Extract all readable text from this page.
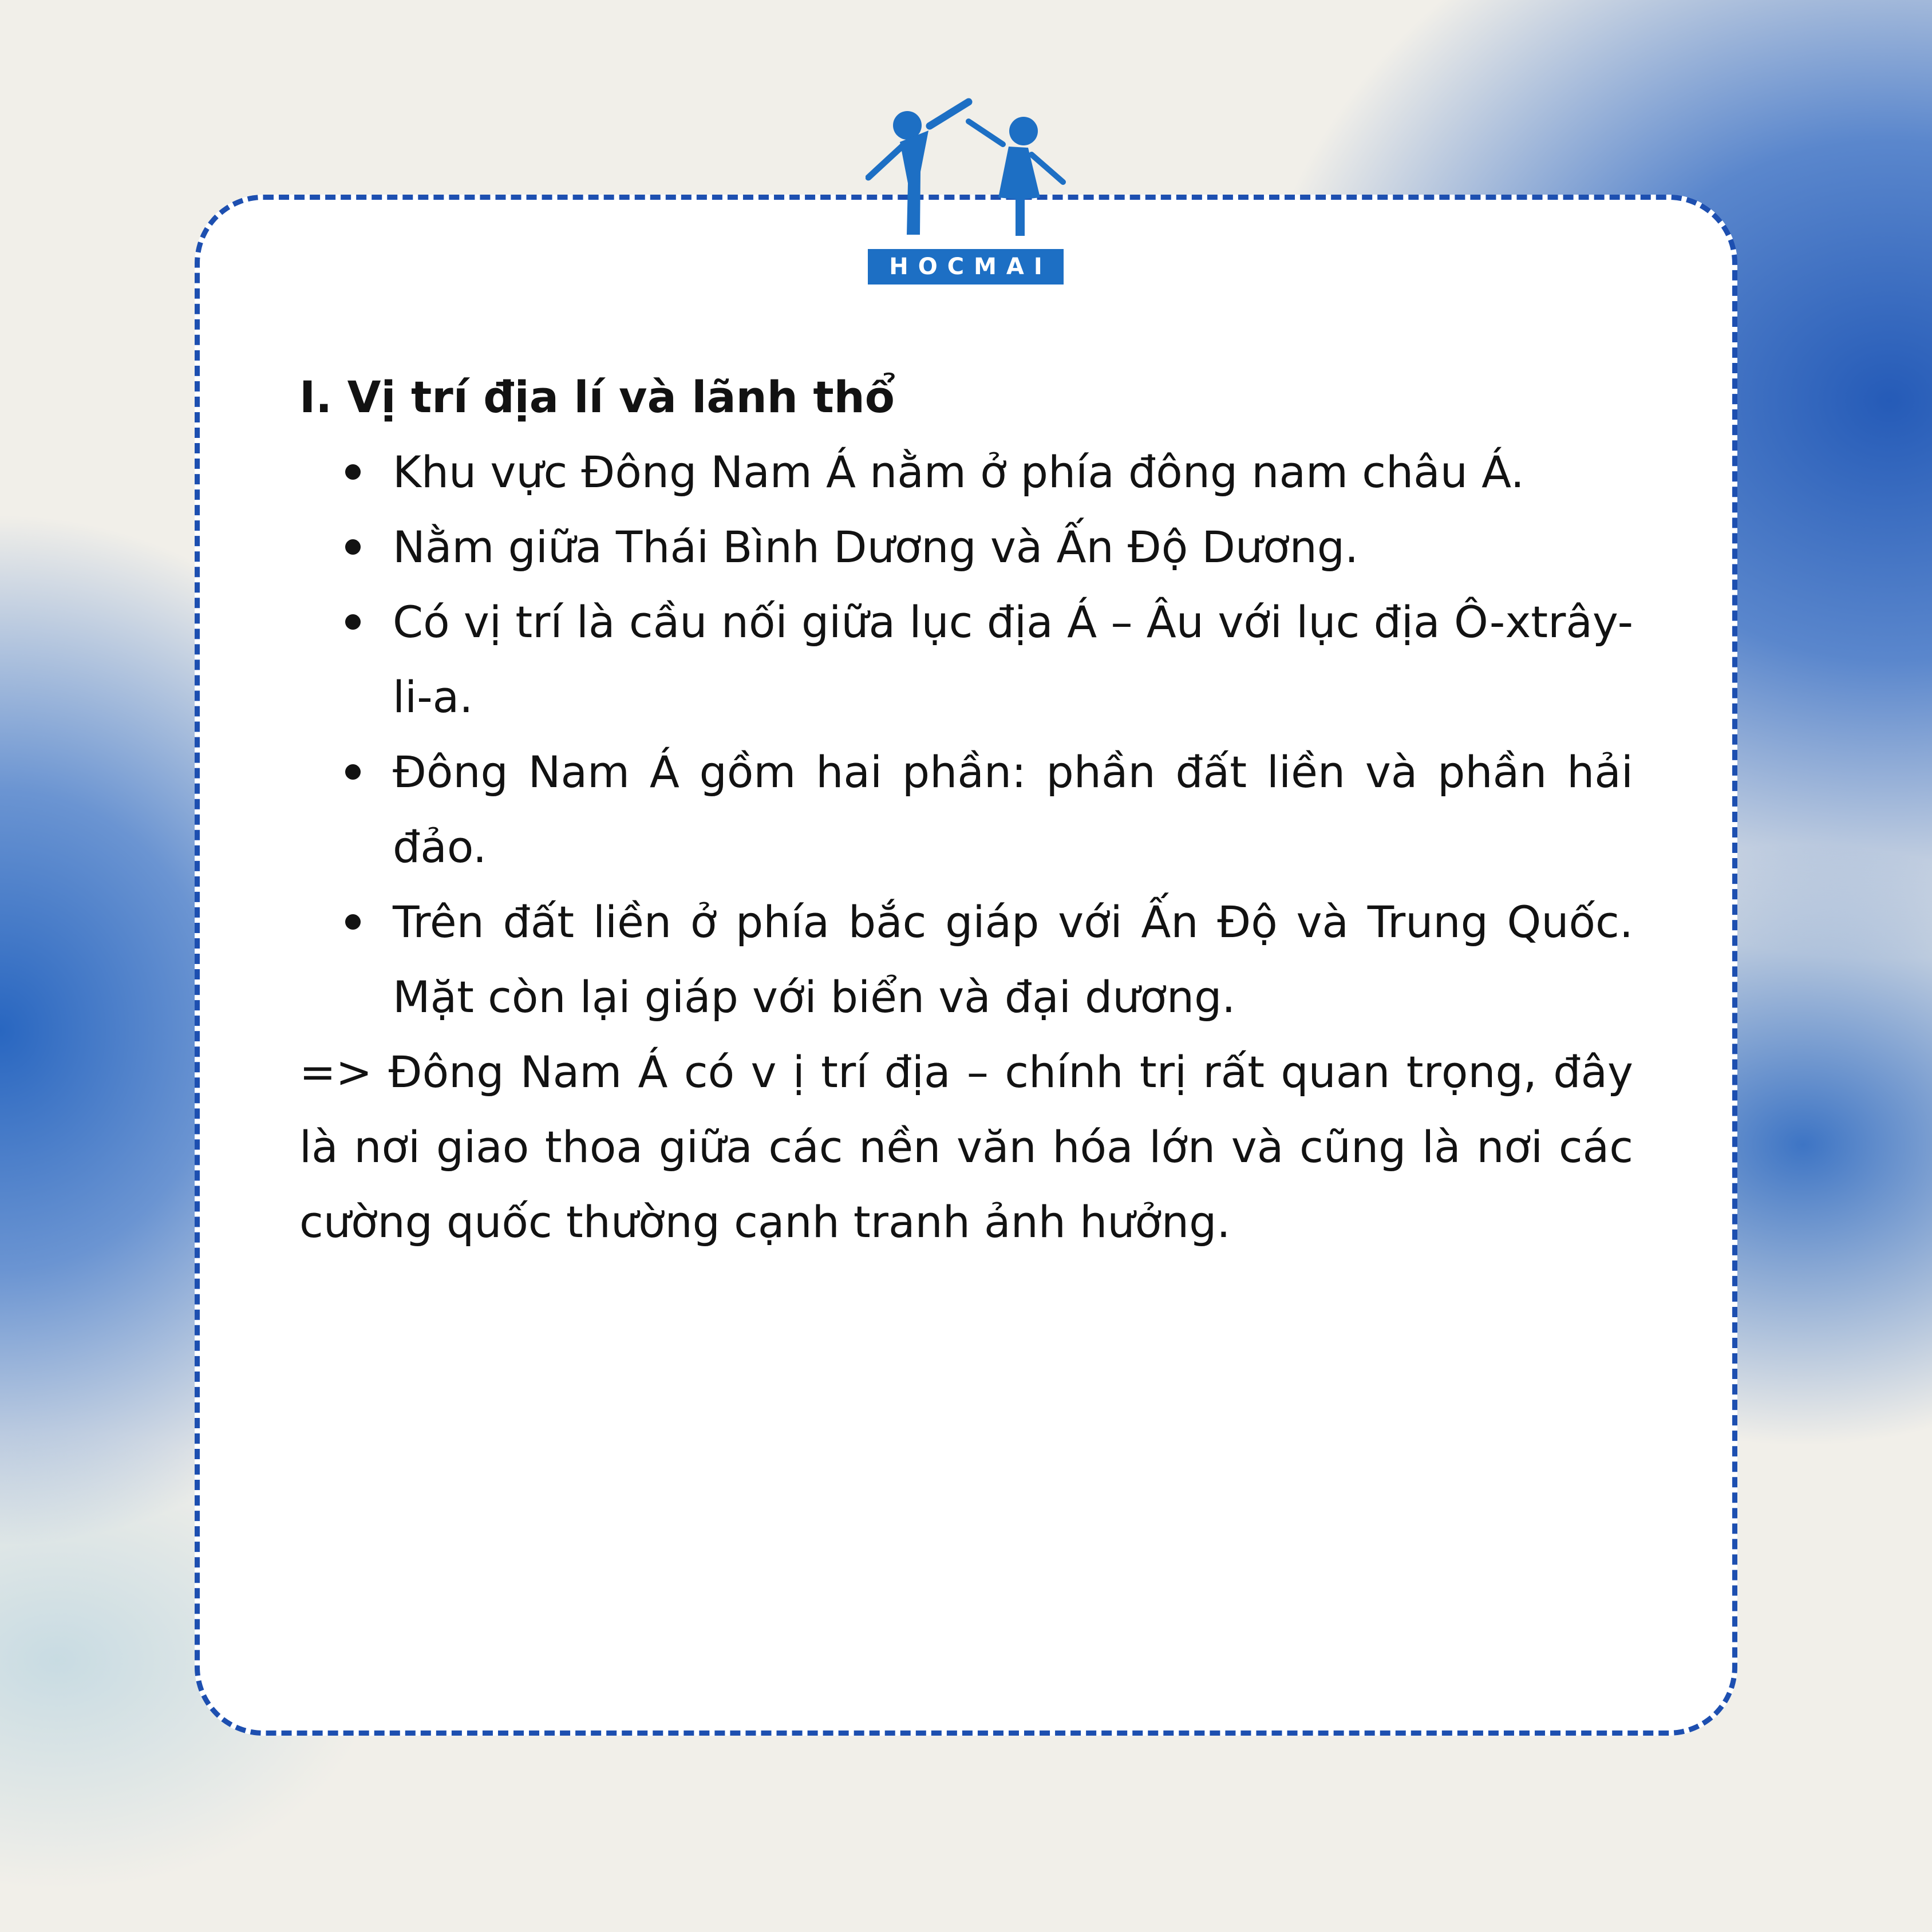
HOCMAI

I. Vị trí địa lí và lãnh thổ

Khu vực Đông Nam Á nằm ở phía đông nam châu Á.
Nằm giữa Thái Bình Dương và Ấn Độ Dương.
Có vị trí là cầu nối giữa lục địa Á – Âu với lục địa Ô-xtrây-li-a.
Đông Nam Á gồm hai phần: phần đất liền và phần hải đảo.
Trên đất liền ở phía bắc giáp với Ấn Độ và Trung Quốc. Mặt còn lại giáp với biển và đại dương.

=> Đông Nam Á có v ị trí địa – chính trị rất quan trọng, đây là nơi giao thoa giữa các nền văn hóa lớn và cũng là nơi các cường quốc thường cạnh tranh ảnh hưởng.
